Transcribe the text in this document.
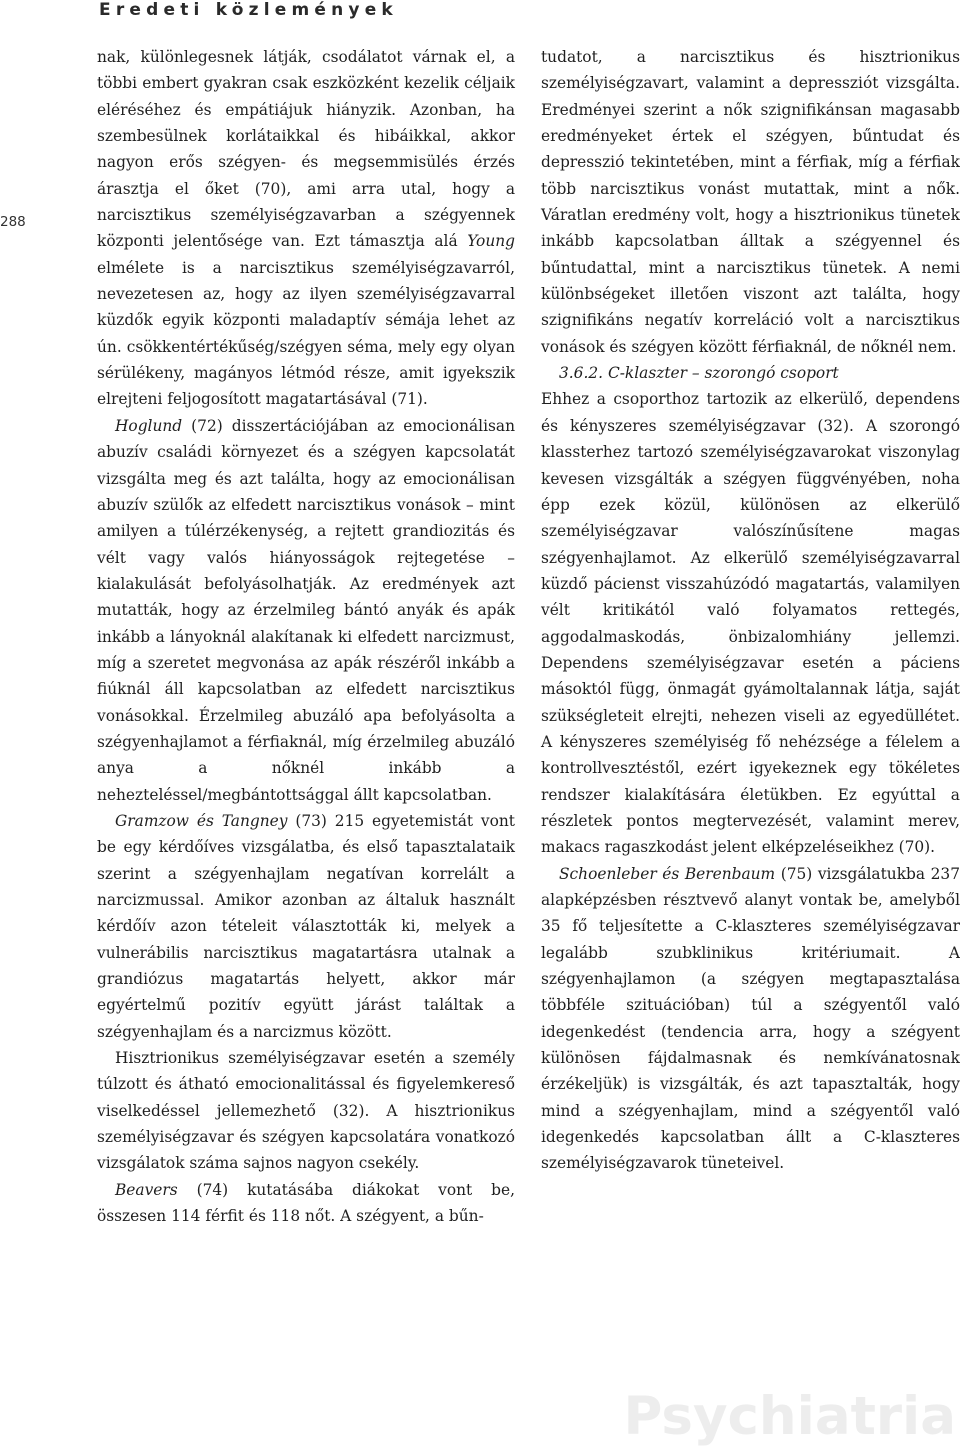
Eredeti közlemények
288

nak, különlegesnek látják, csodálatot várnak el, a többi embert gyakran csak eszközként kezelik céljaik eléréséhez és empátiájuk hiányzik. Azonban, ha szembesülnek korlátaikkal és hibáikkal, akkor nagyon erős szégyen- és megsemmisülés érzés árasztja el őket (70), ami arra utal, hogy a narcisztikus személyiségzavarban a szégyennek központi jelentősége van. Ezt támasztja alá Young elmélete is a narcisztikus személyiségzavarról, nevezetesen az, hogy az ilyen személyiségzavarral küzdők egyik központi maladaptív sémája lehet az ún. csökkentértékűség/szégyen séma, mely egy olyan sérülékeny, magányos létmód része, amit igyekszik elrejteni feljogosított magatartásával (71).

Hoglund (72) disszertációjában az emocionálisan abuzív családi környezet és a szégyen kapcsolatát vizsgálta meg és azt találta, hogy az emocionálisan abuzív szülők az elfedett narcisztikus vonások – mint amilyen a túlérzékenység, a rejtett grandiozitás és vélt vagy valós hiányosságok rejtegetése – kialakulását befolyásolhatják. Az eredmények azt mutatták, hogy az érzelmileg bántó anyák és apák inkább a lányoknál alakítanak ki elfedett narcizmust, míg a szeretet megvonása az apák részéről inkább a fiúknál áll kapcsolatban az elfedett narcisztikus vonásokkal. Érzelmileg abuzáló apa befolyásolta a szégyenhajlamot a férfiaknál, míg érzelmileg abuzáló anya a nőknél inkább a nehezteléssel/megbántottsággal állt kapcsolatban.

Gramzow és Tangney (73) 215 egyetemistát vont be egy kérdőíves vizsgálatba, és első tapasztalataik szerint a szégyenhajlam negatívan korrelált a narcizmussal. Amikor azonban az általuk használt kérdőív azon tételeit választották ki, melyek a vulnerábilis narcisztikus magatartásra utalnak a grandiózus magatartás helyett, akkor már egyértelmű pozitív együtt járást találtak a szégyenhajlam és a narcizmus között.

Hisztrionikus személyiségzavar esetén a személy túlzott és átható emocionalitással és figyelemkereső viselkedéssel jellemezhető (32). A hisztrionikus személyiségzavar és szégyen kapcsolatára vonatkozó vizsgálatok száma sajnos nagyon csekély.

Beavers (74) kutatásába diákokat vont be, összesen 114 férfit és 118 nőt. A szégyent, a bűn-

tudatot, a narcisztikus és hisztrionikus személyiségzavart, valamint a depressziót vizsgálta. Eredményei szerint a nők szignifikánsan magasabb eredményeket értek el szégyen, bűntudat és depresszió tekintetében, mint a férfiak, míg a férfiak több narcisztikus vonást mutattak, mint a nők. Váratlan eredmény volt, hogy a hisztrionikus tünetek inkább kapcsolatban álltak a szégyennel és bűntudattal, mint a narcisztikus tünetek. A nemi különbségeket illetően viszont azt találta, hogy szignifikáns negatív korreláció volt a narcisztikus vonások és szégyen között férfiaknál, de nőknél nem.

3.6.2. C-klaszter – szorongó csoport

Ehhez a csoporthoz tartozik az elkerülő, dependens és kényszeres személyiségzavar (32). A szorongó klassterhez tartozó személyiségzavarokat viszonylag kevesen vizsgálták a szégyen függvényében, noha épp ezek közül, különösen az elkerülő személyiségzavar valószínűsítene magas szégyenhajlamot. Az elkerülő személyiségzavarral küzdő pácienst visszahúzódó magatartás, valamilyen vélt kritikától való folyamatos rettegés, aggodalmaskodás, önbizalomhiány jellemzi. Dependens személyiségzavar esetén a páciens másoktól függ, önmagát gyámoltalannak látja, saját szükségleteit elrejti, nehezen viseli az egyedüllétet. A kényszeres személyiség fő nehézsége a félelem a kontrollvesztéstől, ezért igyekeznek egy tökéletes rendszer kialakítására életükben. Ez egyúttal a részletek pontos megtervezését, valamint merev, makacs ragaszkodást jelent elképzeléseikhez (70).

Schoenleber és Berenbaum (75) vizsgálatukba 237 alapképzésben résztvevő alanyt vontak be, amelyből 35 fő teljesítette a C-klaszteres személyiségzavar legalább szubklinikus kritériumait. A szégyenhajlamon (a szégyen megtapasztalása többféle szituációban) túl a szégyentől való idegenkedést (tendencia arra, hogy a szégyent különösen fájdalmasnak és nemkívánatosnak érzékeljük) is vizsgálták, és azt tapasztalták, hogy mind a szégyenhajlam, mind a szégyentől való idegenkedés kapcsolatban állt a C-klaszteres személyiségzavarok tüneteivel.

Psychiatria
